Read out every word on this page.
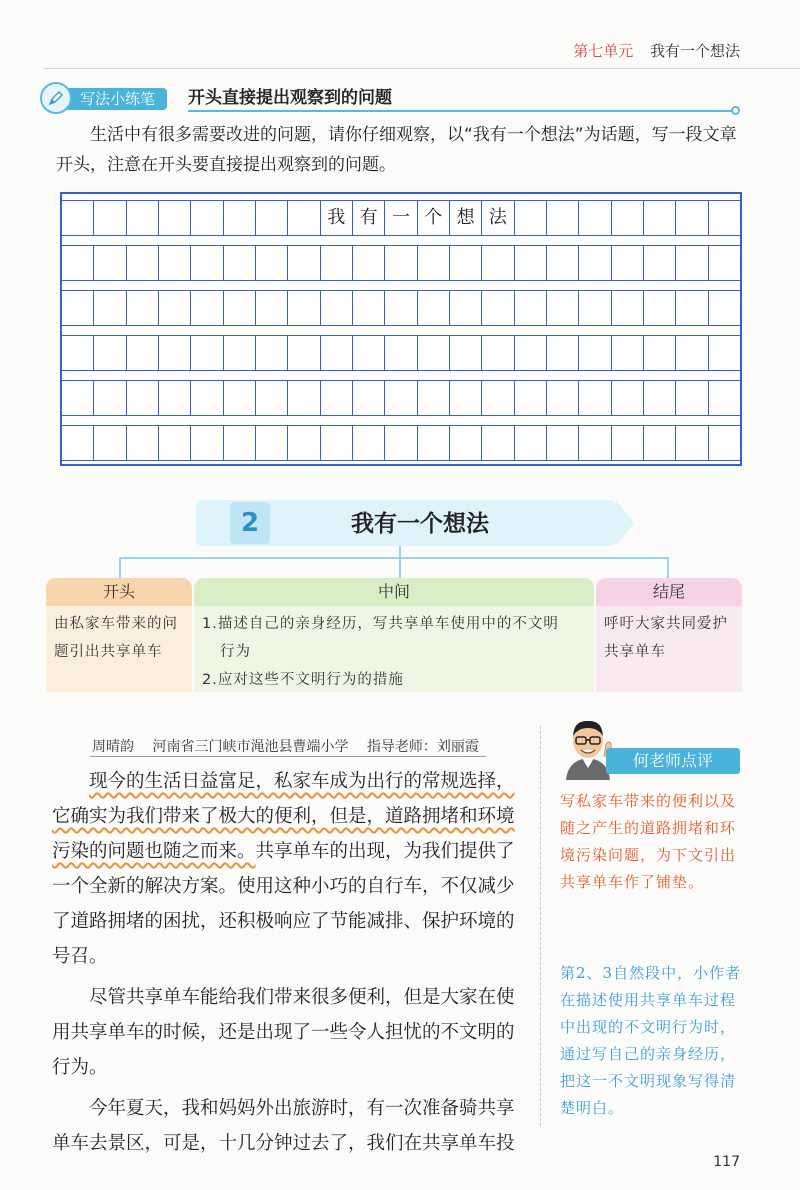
第七单元 我有一个想法
写法小练笔	开头直接提出观察到的问题
生活中有很多需要改进的问题，请你仔细观察，以“我有一个想法”为话题，写一段文章开头，注意在开头要直接提出观察到的问题。
我 有 一 个 想 法
2	我有一个想法
开头

由私家车带来的问题引出共享单车

中间

1.描述自己的亲身经历，写共享单车使用中的不文明

行为

2.应对这些不文明行为的措施

结尾

呼吁大家共同爱护共享单车

周晴韵 河南省三门峡市渑池县曹端小学 指导老师：刘丽霞

现今的生活日益富足，私家车成为出行的常规选择，它确实为我们带来了极大的便利，但是，道路拥堵和环境污染的问题也随之而来。共享单车的出现，为我们提供了一个全新的解决方案。使用这种小巧的自行车，不仅减少了道路拥堵的困扰，还积极响应了节能减排、保护环境的号召。

尽管共享单车能给我们带来很多便利，但是大家在使用共享单车的时候，还是出现了一些令人担忧的不文明的行为。

今年夏天，我和妈妈外出旅游时，有一次准备骑共享单车去景区，可是，十几分钟过去了，我们在共享单车投

何老师点评
写私家车带来的便利以及随之产生的道路拥堵和环境污染问题，为下文引出共享单车作了铺垫。
第2、3自然段中，小作者在描述使用共享单车过程中出现的不文明行为时，通过写自己的亲身经历，把这一不文明现象写得清楚明白。
117
